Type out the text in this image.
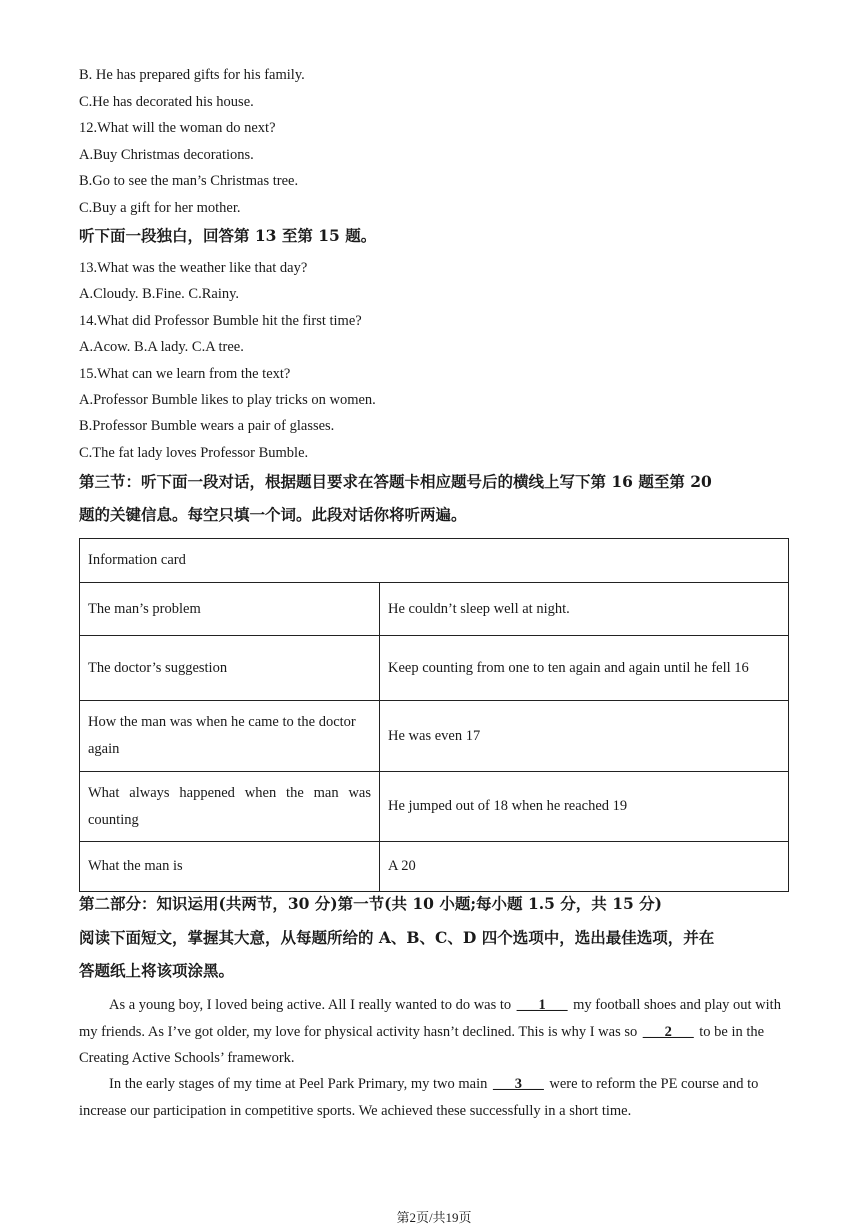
B. He has prepared gifts for his family.
C.He has decorated his house.
12.What will the woman do next?
A.Buy Christmas decorations.
B.Go to see the man’s Christmas tree.
C.Buy a gift for her mother.
听下面一段独白，回答第 13 至第 15 题。
13.What was the weather like that day?
A.Cloudy. B.Fine. C.Rainy.
14.What did Professor Bumble hit the first time?
A.Acow. B.A lady. C.A tree.
15.What can we learn from the text?
A.Professor Bumble likes to play tricks on women.
B.Professor Bumble wears a pair of glasses.
C.The fat lady loves Professor Bumble.
第三节：听下面一段对话，根据题目要求在答题卡相应题号后的横线上写下第 16 题至第 20
题的关键信息。每空只填一个词。此段对话你将听两遍。
Information card	
The man’s problem	He couldn’t sleep well at night.
The doctor’s suggestion	Keep counting from one to ten again and again until he fell 16
How the man was when he came to the doctor again	He was even 17
What always happened when the man was counting	He jumped out of 18 when he reached 19
What the man is	A 20
第二部分：知识运用(共两节，30 分)第一节(共 10 小题;每小题 1.5 分，共 15 分)
阅读下面短文，掌握其大意，从每题所给的 A、B、C、D 四个选项中，选出最佳选项，并在
答题纸上将该项涂黑。
As a young boy, I loved being active. All I really wanted to do was to ___1___ my football shoes and play out with my friends. As I’ve got older, my love for physical activity hasn’t declined. This is why I was so ___2___ to be in the Creating Active Schools’ framework.
In the early stages of my time at Peel Park Primary, my two main ___3___ were to reform the PE course and to increase our participation in competitive sports. We achieved these successfully in a short time.
第2页/共19页
